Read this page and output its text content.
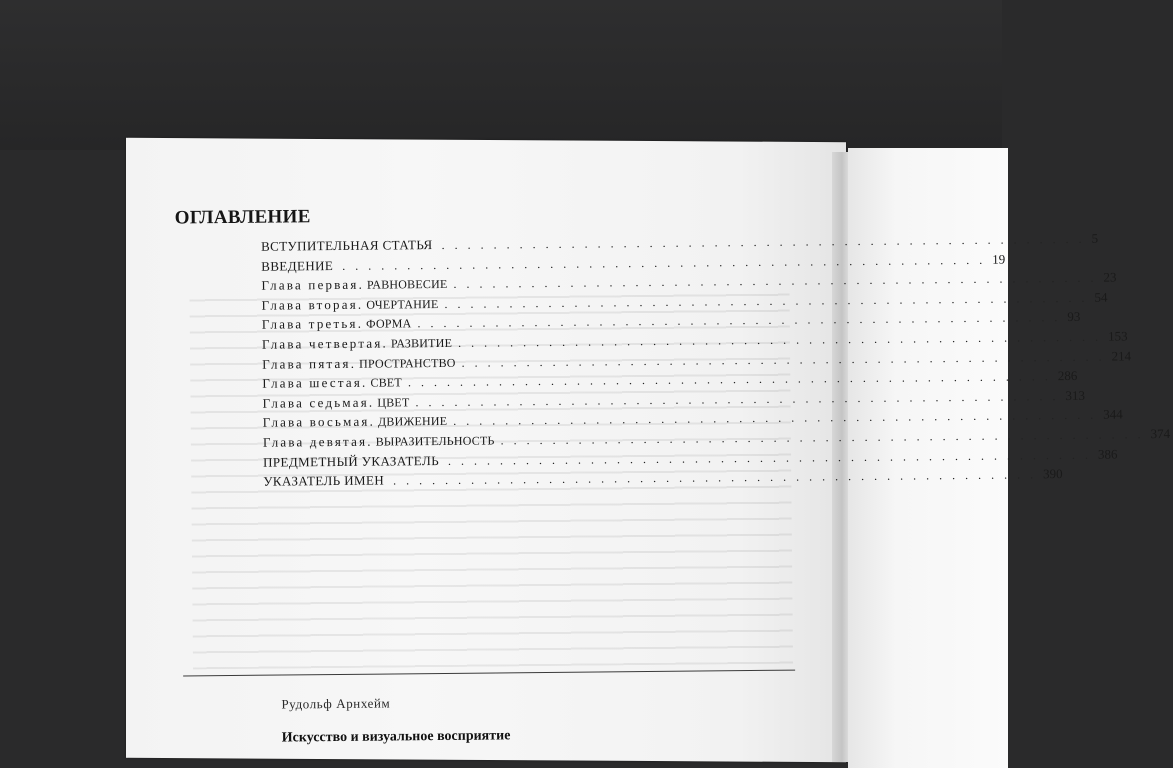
ОГЛАВЛЕНИЕ
ВСТУПИТЕЛЬНАЯ СТАТЬЯ .................................................. 5
ВВЕДЕНИЕ .................................................. 19
Глава первая. РАВНОВЕСИЕ .................................................. 23
Глава вторая. ОЧЕРТАНИЕ .................................................. 54
Глава третья. ФОРМА .................................................. 93
Глава четвертая. РАЗВИТИЕ .................................................. 153
Глава пятая. ПРОСТРАНСТВО .................................................. 214
Глава шестая. СВЕТ .................................................. 286
Глава седьмая. ЦВЕТ .................................................. 313
Глава восьмая. ДВИЖЕНИЕ .................................................. 344
Глава девятая. ВЫРАЗИТЕЛЬНОСТЬ .................................................. 374
ПРЕДМЕТНЫЙ УКАЗАТЕЛЬ .................................................. 386
УКАЗАТЕЛЬ ИМЕН .................................................. 390
Рудольф Арнхейм
Искусство и визуальное восприятие
